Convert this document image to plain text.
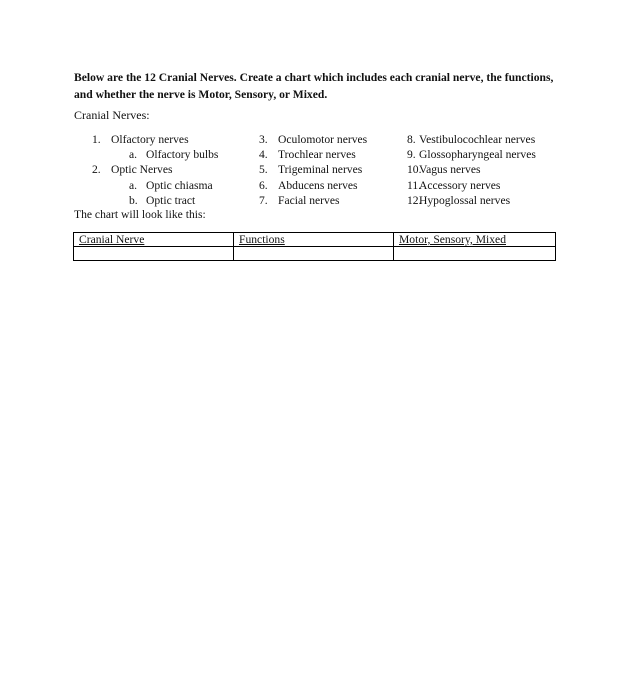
Below are the 12 Cranial Nerves. Create a chart which includes each cranial nerve, the functions, and whether the nerve is Motor, Sensory, or Mixed.
Cranial Nerves:
1. Olfactory nerves
a. Olfactory bulbs
2. Optic Nerves
a. Optic chiasma
b. Optic tract
3. Oculomotor nerves
4. Trochlear nerves
5. Trigeminal nerves
6. Abducens nerves
7. Facial nerves
8. Vestibulocochlear nerves
9. Glossopharyngeal nerves
10.
Vagus nerves
11.
Accessory nerves
12.
Hypoglossal nerves
The chart will look like this:
Cranial Nerve	Functions	Motor, Sensory, Mixed
